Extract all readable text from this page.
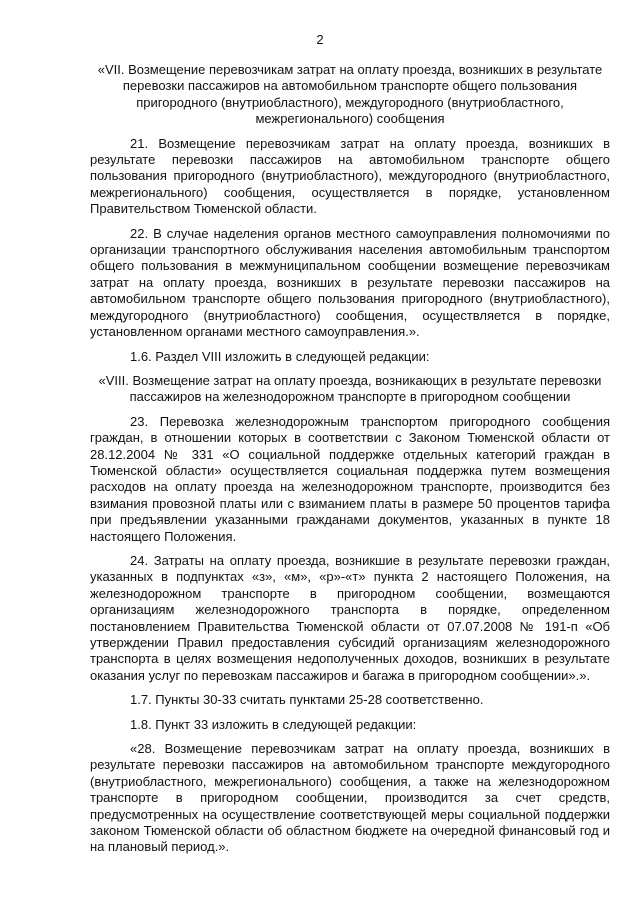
2

«VII. Возмещение перевозчикам затрат на оплату проезда, возникших в результате перевозки пассажиров на автомобильном транспорте общего пользования пригородного (внутриобластного), междугородного (внутриобластного, межрегионального) сообщения

21. Возмещение перевозчикам затрат на оплату проезда, возникших в результате перевозки пассажиров на автомобильном транспорте общего пользования пригородного (внутриобластного), междугородного (внутриобластного, межрегионального) сообщения, осуществляется в порядке, установленном Правительством Тюменской области.

22. В случае наделения органов местного самоуправления полномочиями по организации транспортного обслуживания населения автомобильным транспортом общего пользования в межмуниципальном сообщении возмещение перевозчикам затрат на оплату проезда, возникших в результате перевозки пассажиров на автомобильном транспорте общего пользования пригородного (внутриобластного), междугородного (внутриобластного) сообщения, осуществляется в порядке, установленном органами местного самоуправления.».

1.6. Раздел VIII изложить в следующей редакции:

«VIII. Возмещение затрат на оплату проезда, возникающих в результате перевозки пассажиров на железнодорожном транспорте в пригородном сообщении

23. Перевозка железнодорожным транспортом пригородного сообщения граждан, в отношении которых в соответствии с Законом Тюменской области от 28.12.2004 № 331 «О социальной поддержке отдельных категорий граждан в Тюменской области» осуществляется социальная поддержка путем возмещения расходов на оплату проезда на железнодорожном транспорте, производится без взимания провозной платы или с взиманием платы в размере 50 процентов тарифа при предъявлении указанными гражданами документов, указанных в пункте 18 настоящего Положения.

24. Затраты на оплату проезда, возникшие в результате перевозки граждан, указанных в подпунктах «з», «м», «р»-«т» пункта 2 настоящего Положения, на железнодорожном транспорте в пригородном сообщении, возмещаются организациям железнодорожного транспорта в порядке, определенном постановлением Правительства Тюменской области от 07.07.2008 № 191-п «Об утверждении Правил предоставления субсидий организациям железнодорожного транспорта в целях возмещения недополученных доходов, возникших в результате оказания услуг по перевозкам пассажиров и багажа в пригородном сообщении».».

1.7. Пункты 30-33 считать пунктами 25-28 соответственно.

1.8. Пункт 33 изложить в следующей редакции:

«28. Возмещение перевозчикам затрат на оплату проезда, возникших в результате перевозки пассажиров на автомобильном транспорте междугородного (внутриобластного, межрегионального) сообщения, а также на железнодорожном транспорте в пригородном сообщении, производится за счет средств, предусмотренных на осуществление соответствующей меры социальной поддержки законом Тюменской области об областном бюджете на очередной финансовый год и на плановый период.».
